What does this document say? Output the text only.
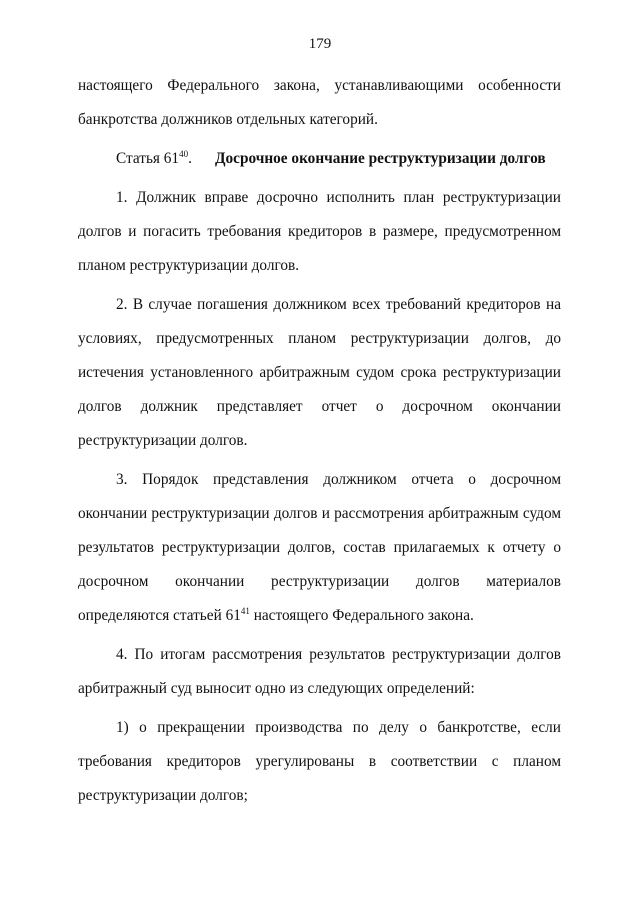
179

настоящего Федерального закона, устанавливающими особенности банкротства должников отдельных категорий.

Статья $61^{40}$. Досрочное окончание реструктуризации долгов

1. Должник вправе досрочно исполнить план реструктуризации долгов и погасить требования кредиторов в размере, предусмотренном планом реструктуризации долгов.

2. В случае погашения должником всех требований кредиторов на условиях, предусмотренных планом реструктуризации долгов, до истечения установленного арбитражным судом срока реструктуризации долгов должник представляет отчет о досрочном окончании реструктуризации долгов.

3. Порядок представления должником отчета о досрочном окончании реструктуризации долгов и рассмотрения арбитражным судом результатов реструктуризации долгов, состав прилагаемых к отчету о досрочном окончании реструктуризации долгов материалов определяются статьей $61^{41}$ настоящего Федерального закона.

4. По итогам рассмотрения результатов реструктуризации долгов арбитражный суд выносит одно из следующих определений:

1) о прекращении производства по делу о банкротстве, если требования кредиторов урегулированы в соответствии с планом реструктуризации долгов;
